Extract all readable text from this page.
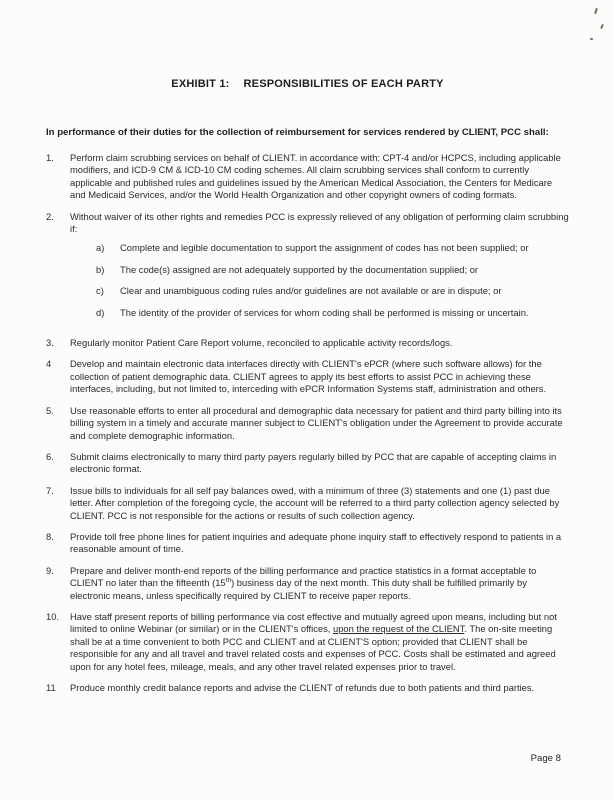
EXHIBIT 1: RESPONSIBILITIES OF EACH PARTY

In performance of their duties for the collection of reimbursement for services rendered by CLIENT, PCC shall:

1.	Perform claim scrubbing services on behalf of CLIENT. in accordance with: CPT-4 and/or HCPCS, including applicable modifiers, and ICD-9 CM & ICD-10 CM coding schemes. All claim scrubbing services shall conform to currently applicable and published rules and guidelines issued by the American Medical Association, the Centers for Medicare and Medicaid Services, and/or the World Health Organization and other copyright owners of coding formats.
2.	Without waiver of its other rights and remedies PCC is expressly relieved of any obligation of performing claim scrubbing if:
a)	Complete and legible documentation to support the assignment of codes has not been supplied; or
b)	The code(s) assigned are not adequately supported by the documentation supplied; or
c)	Clear and unambiguous coding rules and/or guidelines are not available or are in dispute; or
d)	The identity of the provider of services for whom coding shall be performed is missing or uncertain.
3.	Regularly monitor Patient Care Report volume, reconciled to applicable activity records/logs.
4	Develop and maintain electronic data interfaces directly with CLIENT's ePCR (where such software allows) for the collection of patient demographic data. CLIENT agrees to apply its best efforts to assist PCC in achieving these interfaces, including, but not limited to, interceding with ePCR Information Systems staff, administration and others.
5.	Use reasonable efforts to enter all procedural and demographic data necessary for patient and third party billing into its billing system in a timely and accurate manner subject to CLIENT's obligation under the Agreement to provide accurate and complete demographic information.
6.	Submit claims electronically to many third party payers regularly billed by PCC that are capable of accepting claims in electronic format.
7.	Issue bills to individuals for all self pay balances owed, with a minimum of three (3) statements and one (1) past due letter. After completion of the foregoing cycle, the account will be referred to a third party collection agency selected by CLIENT. PCC is not responsible for the actions or results of such collection agency.
8.	Provide toll free phone lines for patient inquiries and adequate phone inquiry staff to effectively respond to patients in a reasonable amount of time.
9.	Prepare and deliver month-end reports of the billing performance and practice statistics in a format acceptable to CLIENT no later than the fifteenth (15th) business day of the next month. This duty shall be fulfilled primarily by electronic means, unless specifically required by CLIENT to receive paper reports.
10.	Have staff present reports of billing performance via cost effective and mutually agreed upon means, including but not limited to online Webinar (or similar) or in the CLIENT's offices, upon the request of the CLIENT. The on-site meeting shall be at a time convenient to both PCC and CLIENT and at CLIENT'S option; provided that CLIENT shall be responsible for any and all travel and travel related costs and expenses of PCC. Costs shall be estimated and agreed upon for any hotel fees, mileage, meals, and any other travel related expenses prior to travel.
11	Produce monthly credit balance reports and advise the CLIENT of refunds due to both patients and third parties.
Page 8
